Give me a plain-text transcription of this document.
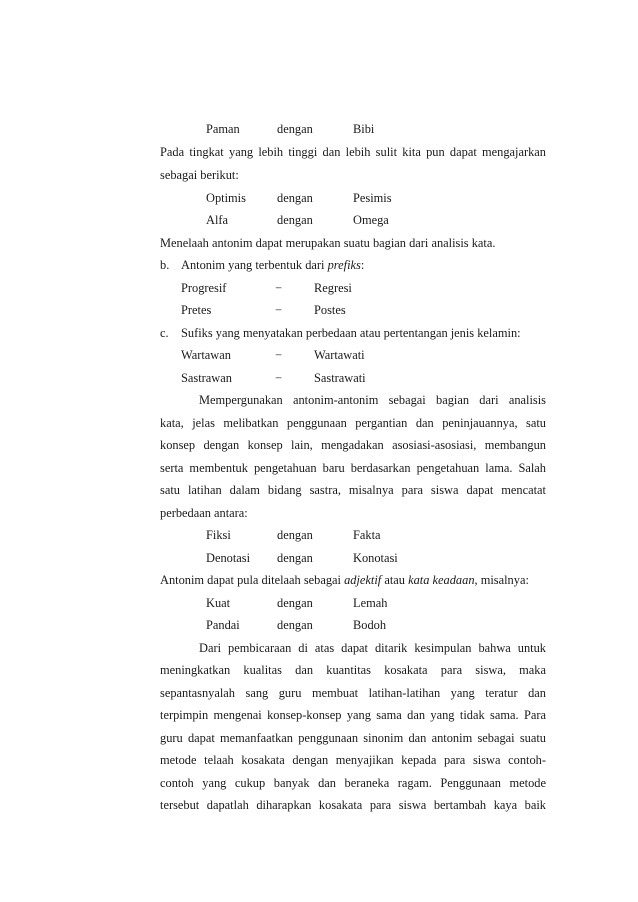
Paman	dengan	Bibi
Pada tingkat yang lebih tinggi dan lebih sulit kita pun dapat mengajarkan
sebagai berikut:
Optimis	dengan	Pesimis
Alfa	dengan	Omega
Menelaah antonim dapat merupakan suatu bagian dari analisis kata.
b. Antonim yang terbentuk dari prefiks:
Progresif	−	Regresi
Pretes	−	Postes
c. Sufiks yang menyatakan perbedaan atau pertentangan jenis kelamin:
Wartawan	−	Wartawati
Sastrawan	−	Sastrawati
Mempergunakan antonim-antonim sebagai bagian dari analisis
kata, jelas melibatkan penggunaan pergantian dan peninjauannya, satu
konsep dengan konsep lain, mengadakan asosiasi-asosiasi, membangun
serta membentuk pengetahuan baru berdasarkan pengetahuan lama. Salah
satu latihan dalam bidang sastra, misalnya para siswa dapat mencatat
perbedaan antara:
Fiksi	dengan	Fakta
Denotasi dengan	Konotasi
Antonim dapat pula ditelaah sebagai adjektif atau kata keadaan, misalnya:
Kuat	dengan	Lemah
Pandai	dengan	Bodoh
Dari pembicaraan di atas dapat ditarik kesimpulan bahwa untuk
meningkatkan kualitas dan kuantitas kosakata para siswa, maka
sepantasnyalah sang guru membuat latihan-latihan yang teratur dan
terpimpin mengenai konsep-konsep yang sama dan yang tidak sama. Para
guru dapat memanfaatkan penggunaan sinonim dan antonim sebagai suatu
metode telaah kosakata dengan menyajikan kepada para siswa contoh-
contoh yang cukup banyak dan beraneka ragam. Penggunaan metode
tersebut dapatlah diharapkan kosakata para siswa bertambah kaya baik
